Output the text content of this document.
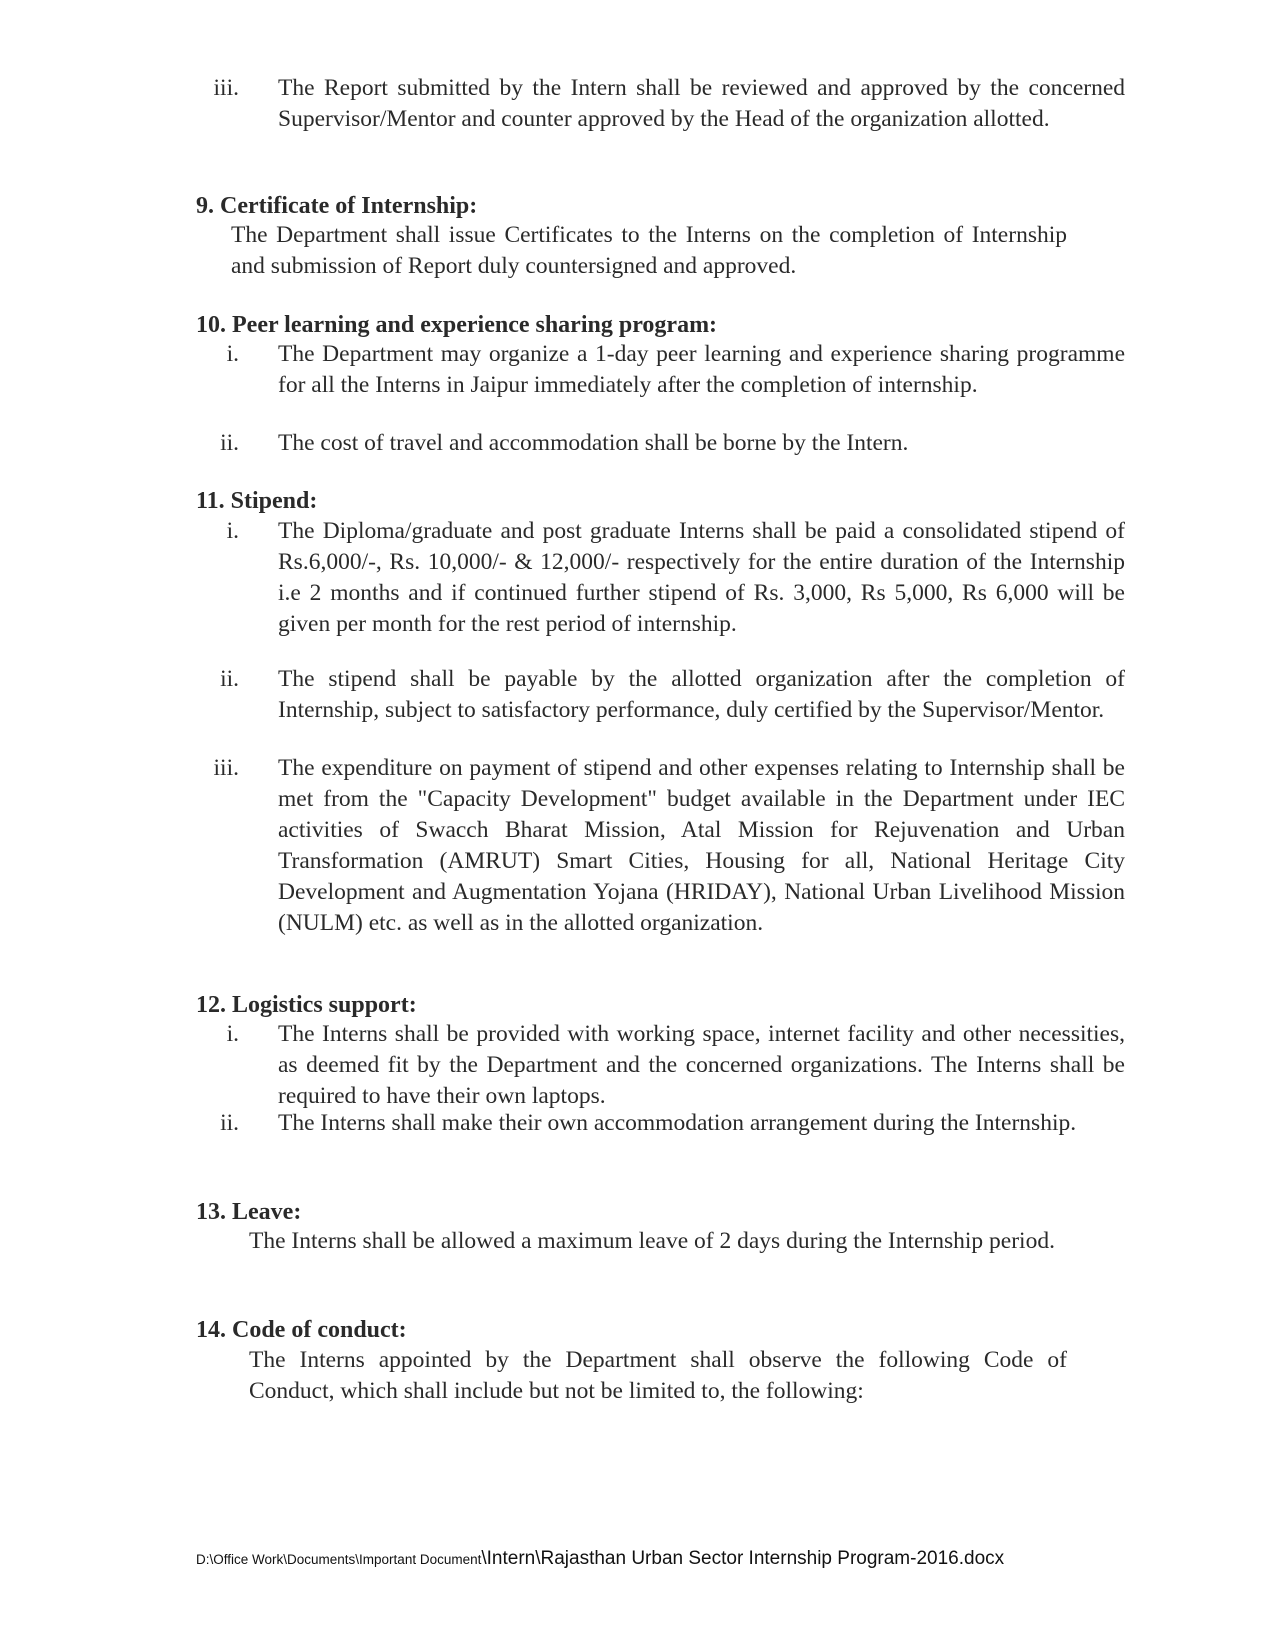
iii. The Report submitted by the Intern shall be reviewed and approved by the concerned Supervisor/Mentor and counter approved by the Head of the organization allotted.
9. Certificate of Internship:
The Department shall issue Certificates to the Interns on the completion of Internship and submission of Report duly countersigned and approved.
10. Peer learning and experience sharing program:
i. The Department may organize a 1-day peer learning and experience sharing programme for all the Interns in Jaipur immediately after the completion of internship.
ii. The cost of travel and accommodation shall be borne by the Intern.
11. Stipend:
i. The Diploma/graduate and post graduate Interns shall be paid a consolidated stipend of Rs.6,000/-, Rs. 10,000/- & 12,000/- respectively for the entire duration of the Internship i.e 2 months and if continued further stipend of Rs. 3,000, Rs 5,000, Rs 6,000 will be given per month for the rest period of internship.
ii. The stipend shall be payable by the allotted organization after the completion of Internship, subject to satisfactory performance, duly certified by the Supervisor/Mentor.
iii. The expenditure on payment of stipend and other expenses relating to Internship shall be met from the "Capacity Development" budget available in the Department under IEC activities of Swacch Bharat Mission, Atal Mission for Rejuvenation and Urban Transformation (AMRUT) Smart Cities, Housing for all, National Heritage City Development and Augmentation Yojana (HRIDAY), National Urban Livelihood Mission (NULM) etc. as well as in the allotted organization.
12. Logistics support:
i. The Interns shall be provided with working space, internet facility and other necessities, as deemed fit by the Department and the concerned organizations. The Interns shall be required to have their own laptops.
ii. The Interns shall make their own accommodation arrangement during the Internship.
13. Leave:
The Interns shall be allowed a maximum leave of 2 days during the Internship period.
14. Code of conduct:
The Interns appointed by the Department shall observe the following Code of Conduct, which shall include but not be limited to, the following:
D:\Office Work\Documents\Important Document\Intern\Rajasthan Urban Sector Internship Program-2016.docx
